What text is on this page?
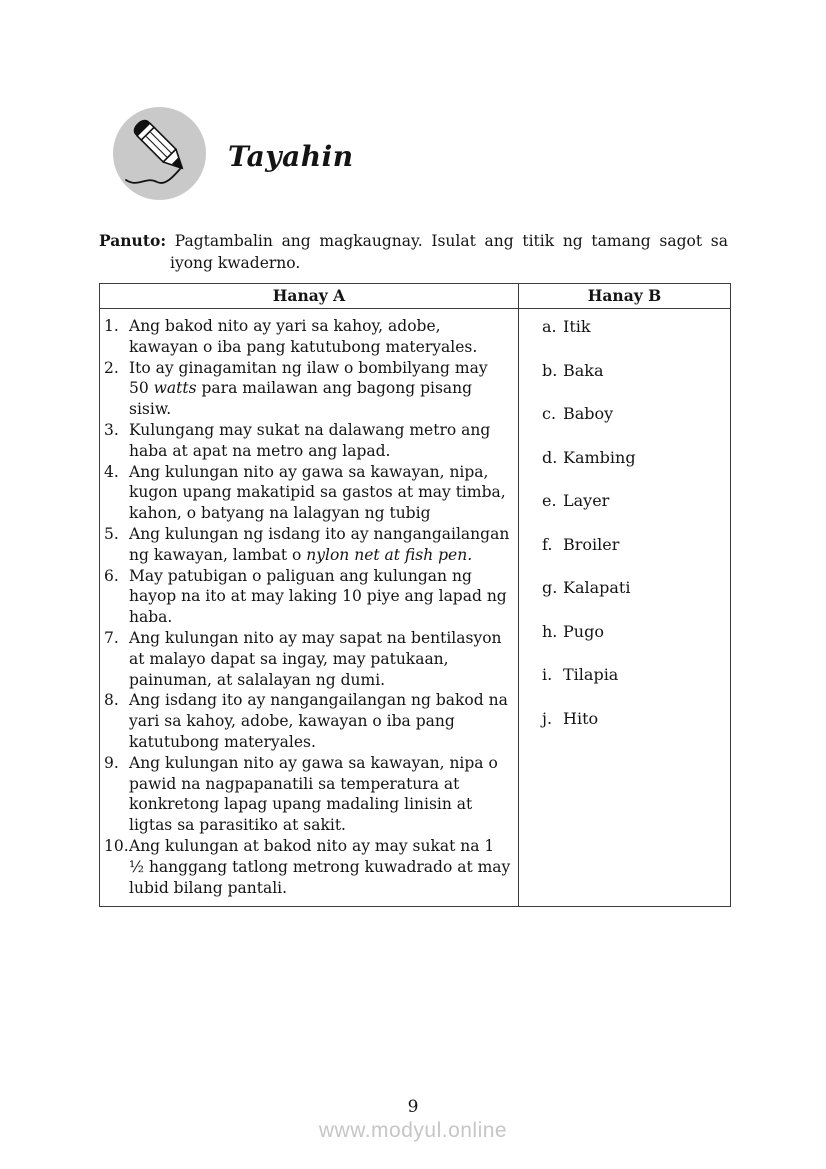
Tayahin
Panuto: Pagtambalin ang magkaugnay. Isulat ang titik ng tamang sagot sa iyong kwaderno.
Hanay A	Hanay B
1. Ang bakod nito ay yari sa kahoy, adobe, kawayan o iba pang katutubong materyales.
2. Ito ay ginagamitan ng ilaw o bombilyang may 50 watts para mailawan ang bagong pisang sisiw.
3. Kulungang may sukat na dalawang metro ang haba at apat na metro ang lapad.
4. Ang kulungan nito ay gawa sa kawayan, nipa, kugon upang makatipid sa gastos at may timba, kahon, o batyang na lalagyan ng tubig
5. Ang kulungan ng isdang ito ay nangangailangan ng kawayan, lambat o nylon net at fish pen.
6. May patubigan o paliguan ang kulungan ng hayop na ito at may laking 10 piye ang lapad ng haba.
7. Ang kulungan nito ay may sapat na bentilasyon at malayo dapat sa ingay, may patukaan, painuman, at salalayan ng dumi.
8. Ang isdang ito ay nangangailangan ng bakod na yari sa kahoy, adobe, kawayan o iba pang katutubong materyales.
9. Ang kulungan nito ay gawa sa kawayan, nipa o pawid na nagpapanatili sa temperatura at konkretong lapag upang madaling linisin at ligtas sa parasitiko at sakit.
10. Ang kulungan at bakod nito ay may sukat na 1 ½ hanggang tatlong metrong kuwadrado at may lubid bilang pantali.
a. Itik
b. Baka
c. Baboy
d. Kambing
e. Layer
f. Broiler
g. Kalapati
h. Pugo
i. Tilapia
j. Hito
9
www.modyul.online
